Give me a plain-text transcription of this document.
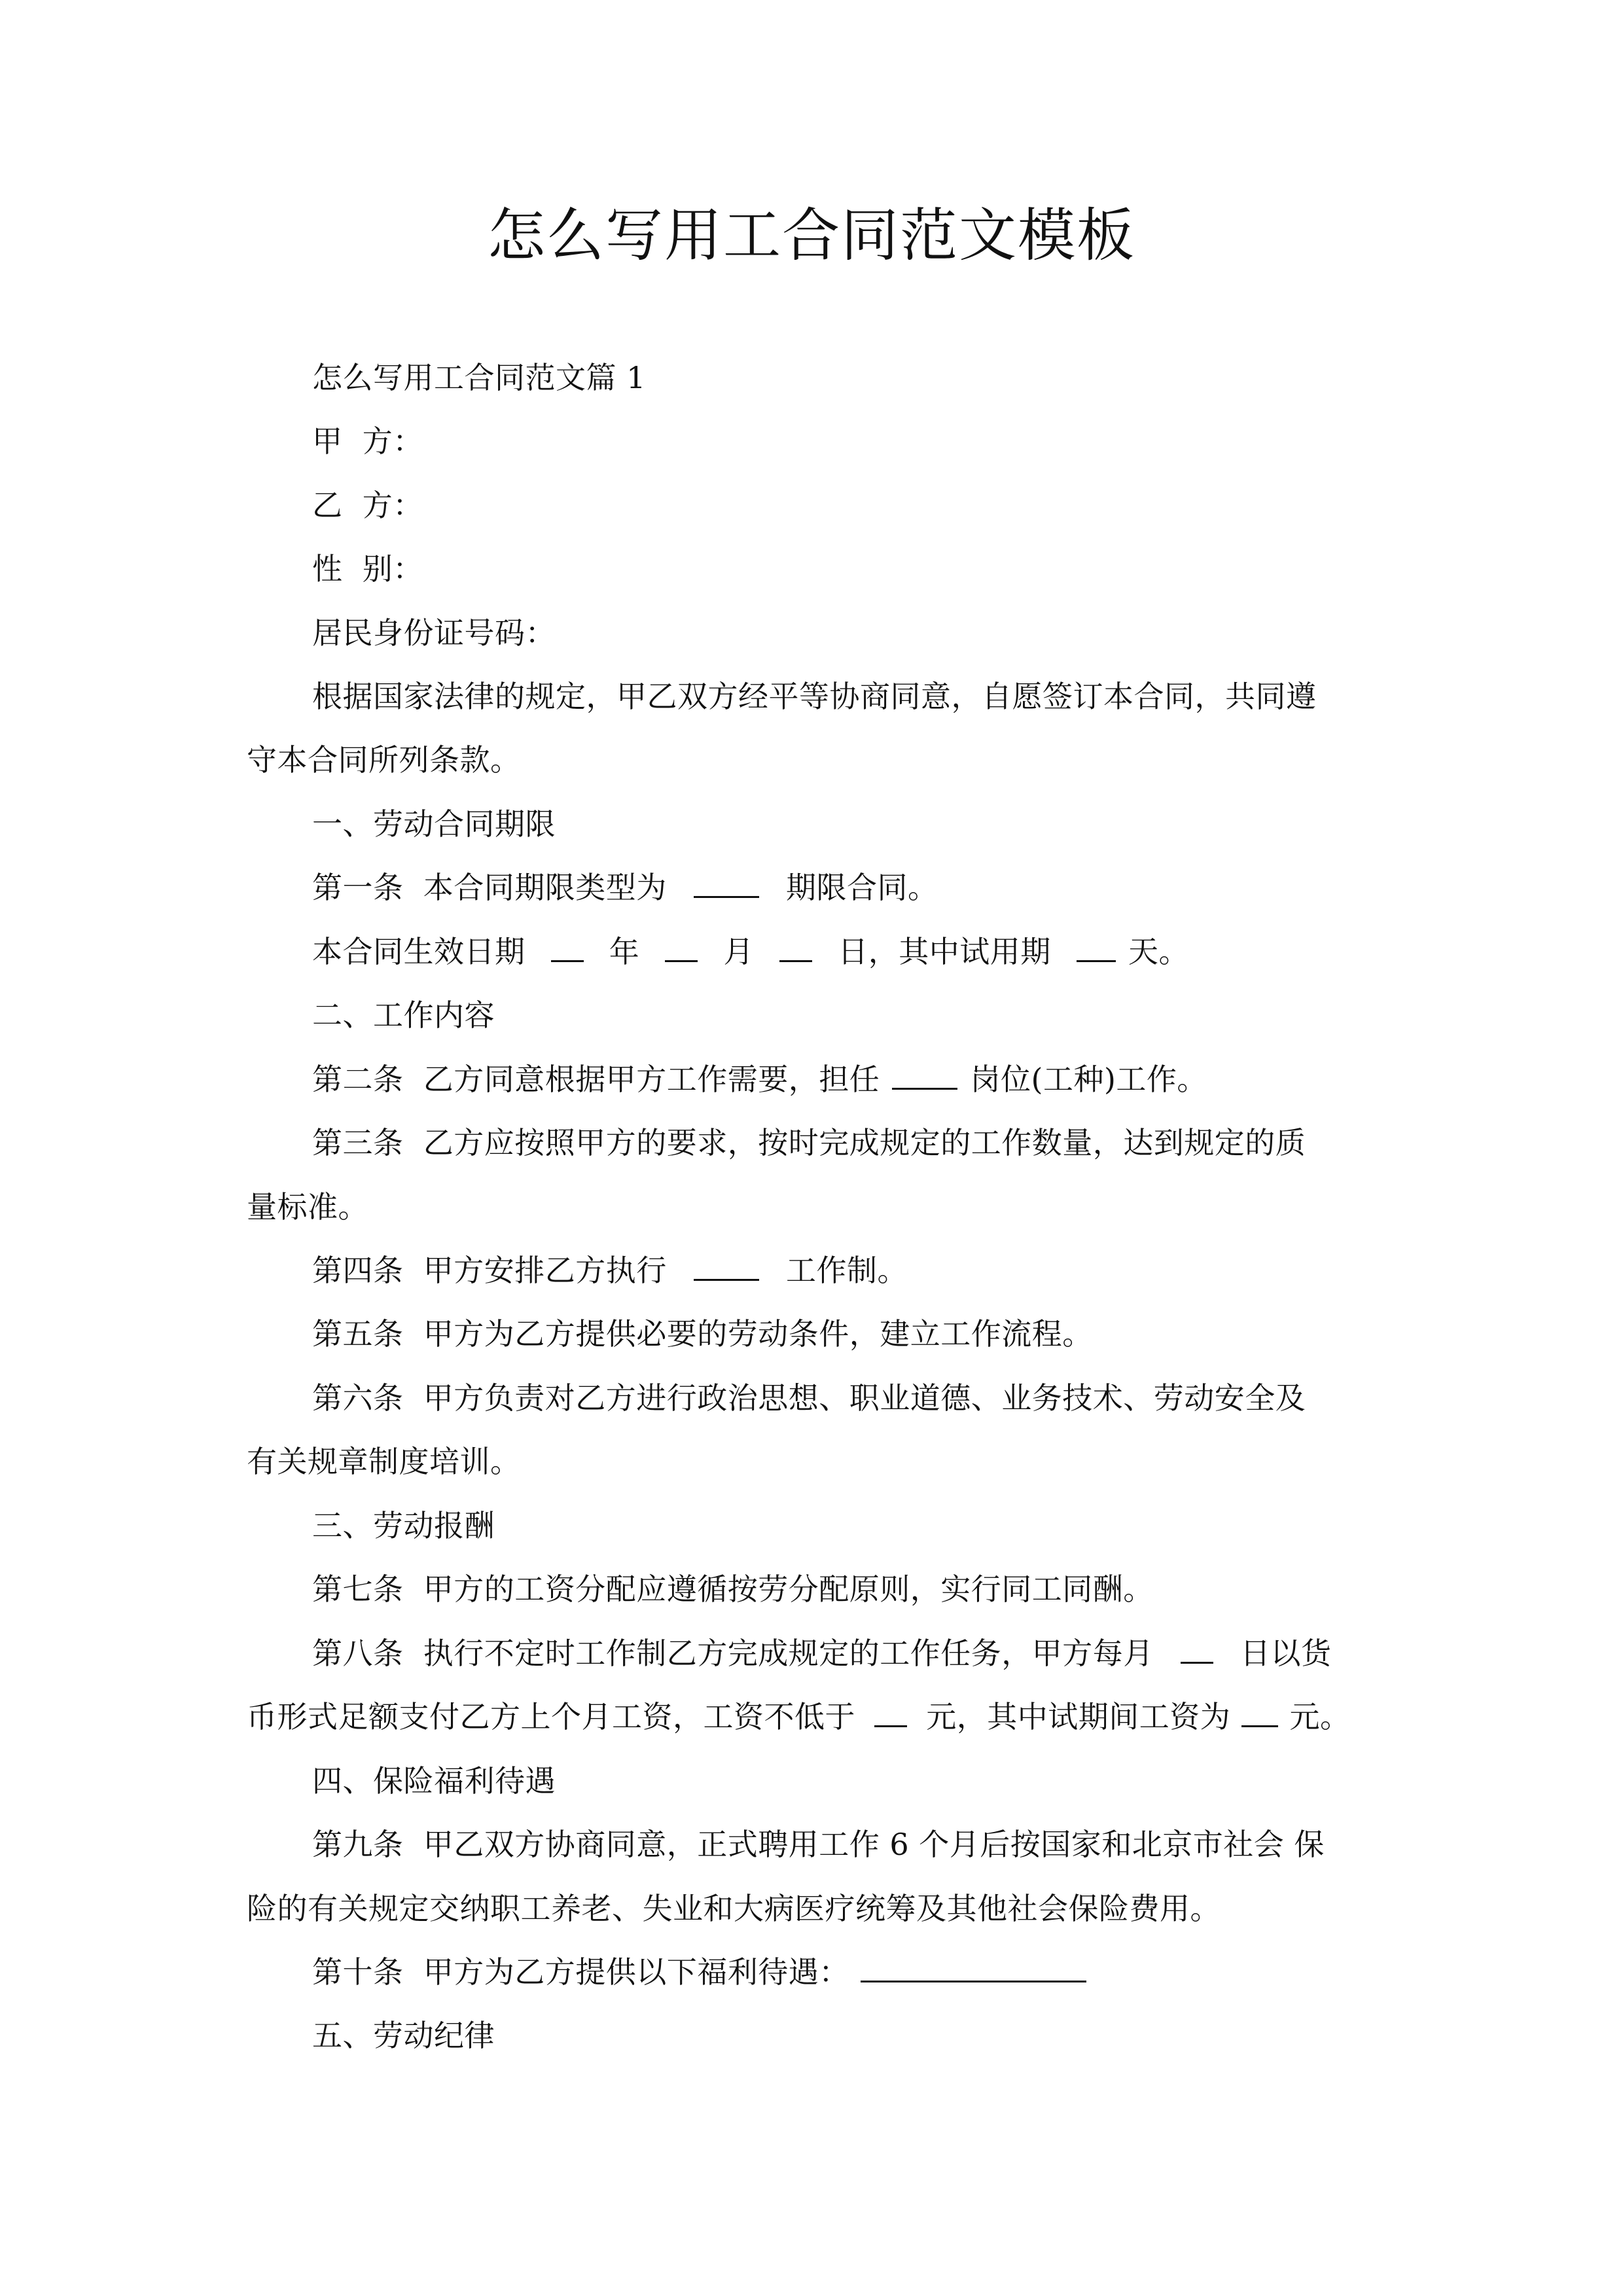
怎么写用工合同范文模板
怎么写用工合同范文篇 1
甲  方：
乙  方：
性  别：
居民身份证号码：
根据国家法律的规定，甲乙双方经平等协商同意，自愿签订本合同，共同遵
守本合同所列条款。
一、劳动合同期限
第一条  本合同期限类型为	期限合同。
本合同生效日期	年	月	日，其中试用期	天。
二、工作内容
第二条  乙方同意根据甲方工作需要，担任	岗位(工种)工作。
第三条  乙方应按照甲方的要求，按时完成规定的工作数量，达到规定的质
量标准。
第四条  甲方安排乙方执行	工作制。
第五条  甲方为乙方提供必要的劳动条件，建立工作流程。
第六条  甲方负责对乙方进行政治思想、职业道德、业务技术、劳动安全及
有关规章制度培训。
三、劳动报酬
第七条  甲方的工资分配应遵循按劳分配原则，实行同工同酬。
第八条  执行不定时工作制乙方完成规定的工作任务，甲方每月	日以货
币形式足额支付乙方上个月工资，工资不低于 元，其中试期间工资为 元。
四、保险福利待遇
第九条  甲乙双方协商同意，正式聘用工作 6 个月后按国家和北京市社会 保
险的有关规定交纳职工养老、失业和大病医疗统筹及其他社会保险费用。
第十条  甲方为乙方提供以下福利待遇：
五、劳动纪律
